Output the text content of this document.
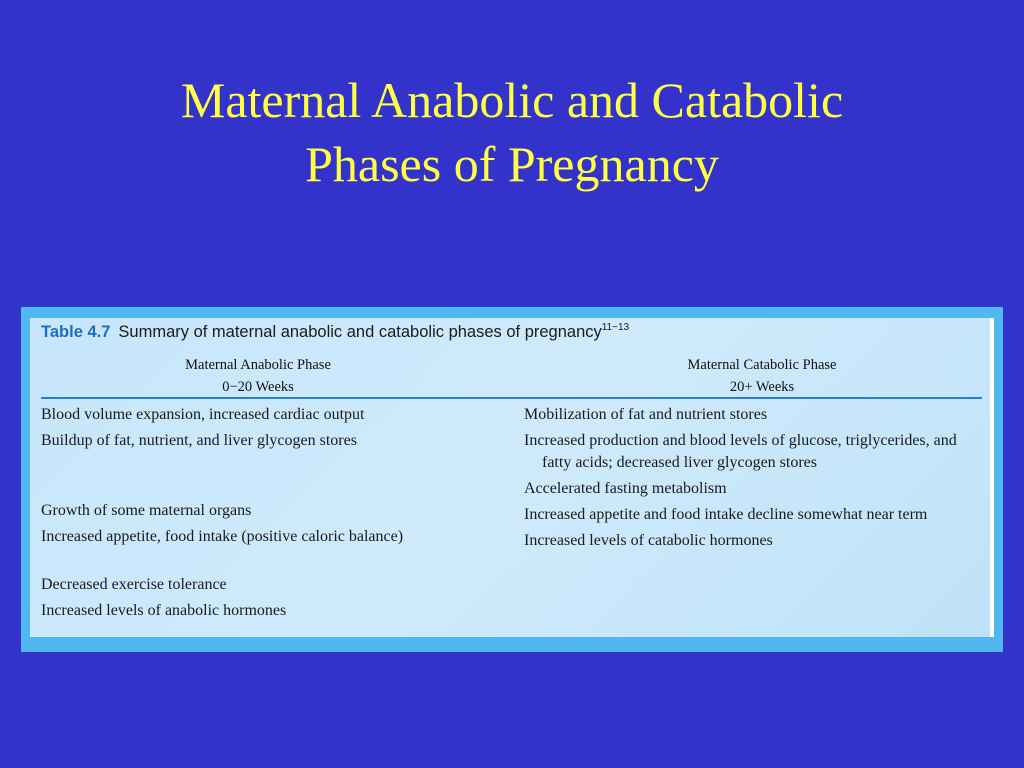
Maternal Anabolic and Catabolic
Phases of Pregnancy
Table 4.7 Summary of maternal anabolic and catabolic phases of pregnancy$^{11-13}$
Maternal Anabolic Phase
0−20 Weeks
Maternal Catabolic Phase
20+ Weeks
Blood volume expansion, increased cardiac output
Buildup of fat, nutrient, and liver glycogen stores
Growth of some maternal organs
Increased appetite, food intake (positive caloric balance)
Decreased exercise tolerance
Increased levels of anabolic hormones
Mobilization of fat and nutrient stores
Increased production and blood levels of glucose, triglycerides, and fatty acids; decreased liver glycogen stores
Accelerated fasting metabolism
Increased appetite and food intake decline somewhat near term
Increased levels of catabolic hormones
